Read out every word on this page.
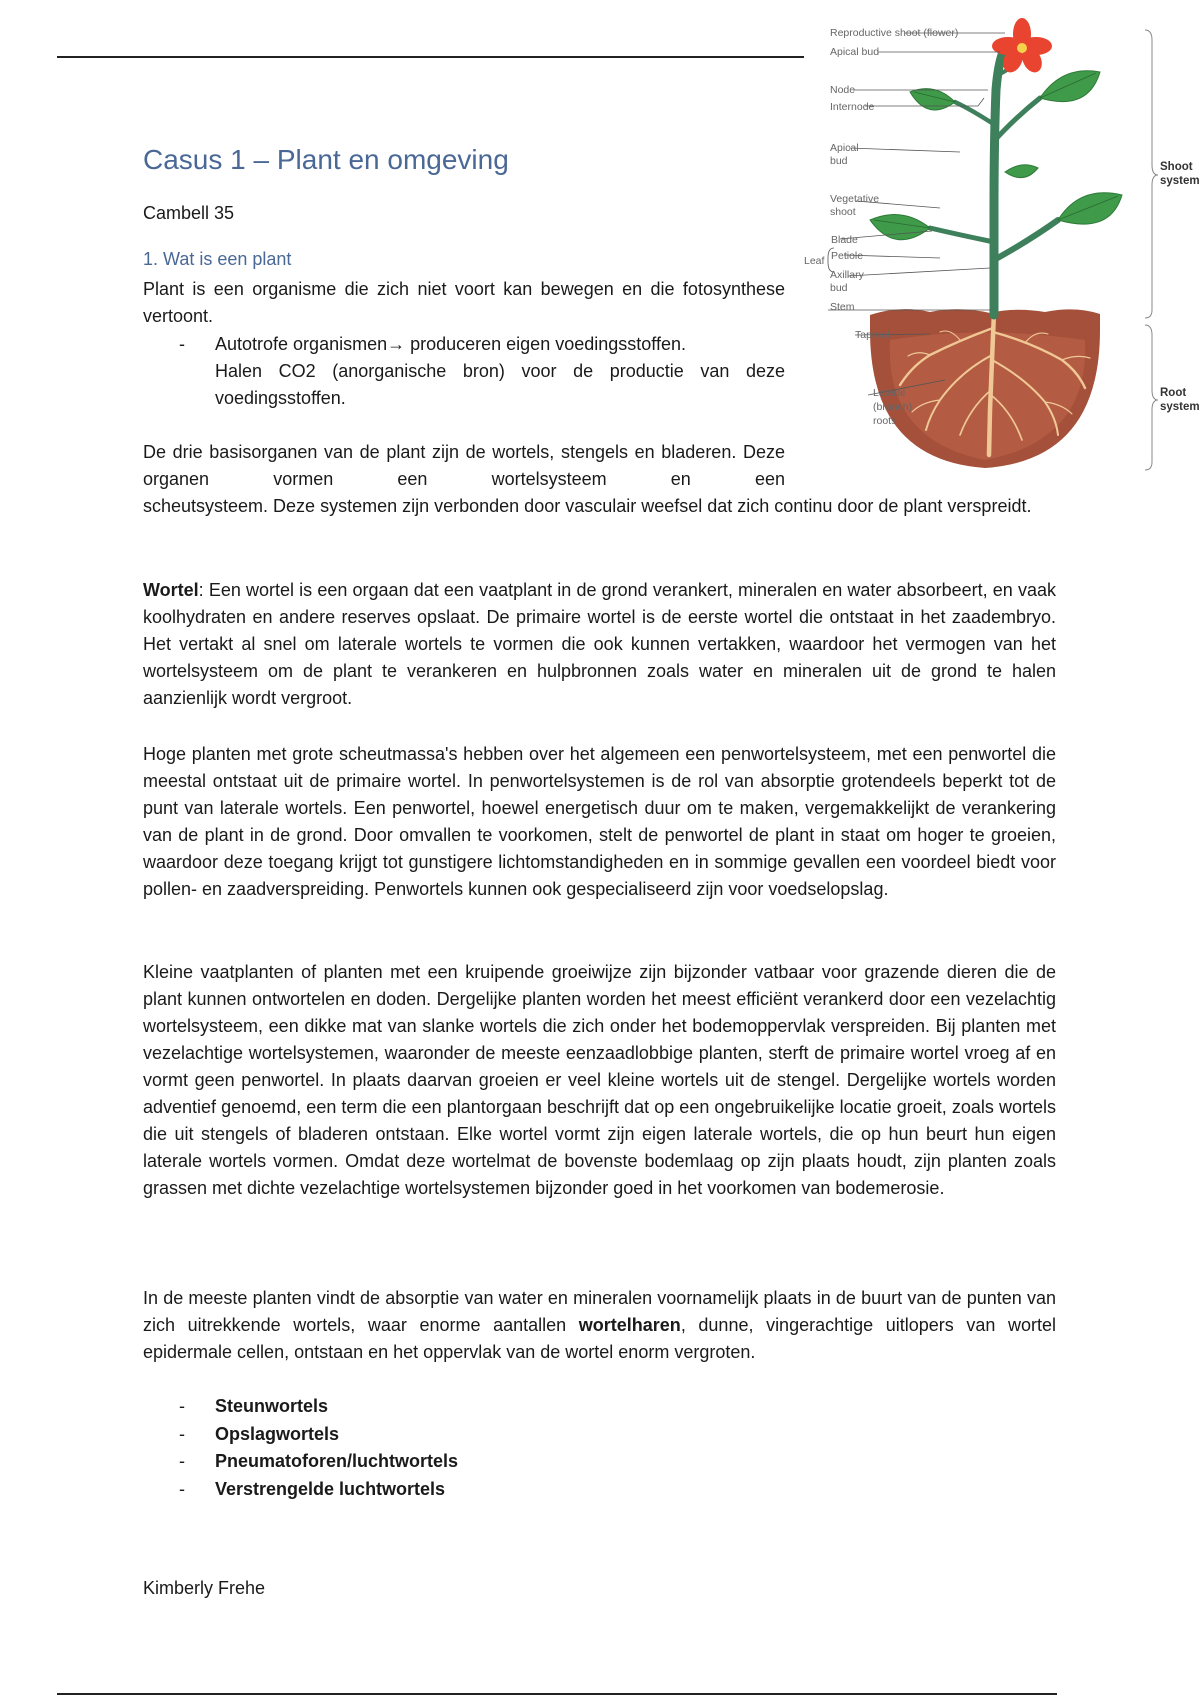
Casus 1 – Plant en omgeving
Cambell 35
1. Wat is een plant

Plant is een organisme die zich niet voort kan bewegen en die fotosynthese vertoont.

- Autotrofe organismen→ produceren eigen voedingsstoffen.
Halen CO2 (anorganische bron) voor de productie van deze voedingsstoffen.

De drie basisorganen van de plant zijn de wortels, stengels en bladeren. Deze organen vormen een wortelsysteem en een

scheutsysteem. Deze systemen zijn verbonden door vasculair weefsel dat zich continu door de plant verspreidt.

Wortel: Een wortel is een orgaan dat een vaatplant in de grond verankert, mineralen en water absorbeert, en vaak koolhydraten en andere reserves opslaat. De primaire wortel is de eerste wortel die ontstaat in het zaadembryo. Het vertakt al snel om laterale wortels te vormen die ook kunnen vertakken, waardoor het vermogen van het wortelsysteem om de plant te verankeren en hulpbronnen zoals water en mineralen uit de grond te halen aanzienlijk wordt vergroot.

Hoge planten met grote scheutmassa's hebben over het algemeen een penwortelsysteem, met een penwortel die meestal ontstaat uit de primaire wortel. In penwortelsystemen is de rol van absorptie grotendeels beperkt tot de punt van laterale wortels. Een penwortel, hoewel energetisch duur om te maken, vergemakkelijkt de verankering van de plant in de grond. Door omvallen te voorkomen, stelt de penwortel de plant in staat om hoger te groeien, waardoor deze toegang krijgt tot gunstigere lichtomstandigheden en in sommige gevallen een voordeel biedt voor pollen- en zaadverspreiding. Penwortels kunnen ook gespecialiseerd zijn voor voedselopslag.

Kleine vaatplanten of planten met een kruipende groeiwijze zijn bijzonder vatbaar voor grazende dieren die de plant kunnen ontwortelen en doden. Dergelijke planten worden het meest efficiënt verankerd door een vezelachtig wortelsysteem, een dikke mat van slanke wortels die zich onder het bodemoppervlak verspreiden. Bij planten met vezelachtige wortelsystemen, waaronder de meeste eenzaadlobbige planten, sterft de primaire wortel vroeg af en vormt geen penwortel. In plaats daarvan groeien er veel kleine wortels uit de stengel. Dergelijke wortels worden adventief genoemd, een term die een plantorgaan beschrijft dat op een ongebruikelijke locatie groeit, zoals wortels die uit stengels of bladeren ontstaan. Elke wortel vormt zijn eigen laterale wortels, die op hun beurt hun eigen laterale wortels vormen. Omdat deze wortelmat de bovenste bodemlaag op zijn plaats houdt, zijn planten zoals grassen met dichte vezelachtige wortelsystemen bijzonder goed in het voorkomen van bodemerosie.

In de meeste planten vindt de absorptie van water en mineralen voornamelijk plaats in de buurt van de punten van zich uitrekkende wortels, waar enorme aantallen wortelharen, dunne, vingerachtige uitlopers van wortel epidermale cellen, ontstaan en het oppervlak van de wortel enorm vergroten.

- Steunwortels
- Opslagwortels
- Pneumatoforen/luchtwortels
- Verstrengelde luchtwortels
Kimberly Frehe
Reproductive shoot (flower)
Apical bud
Node
Internode
Apical
bud
Vegetative
shoot
Leaf
Blade
Petiole
Axillary
bud
Stem
Taproot
Lateral
(branch)
roots
Shoot
system
Root
system
